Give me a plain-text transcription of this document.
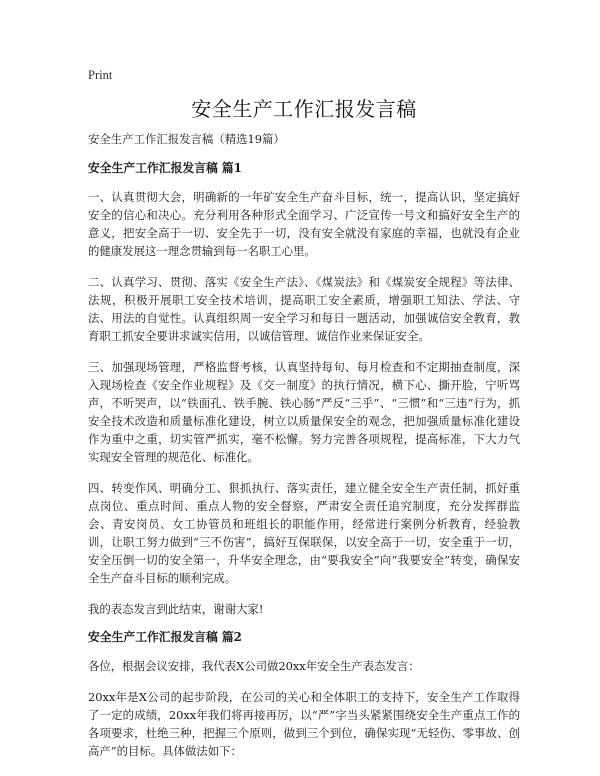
Print
安全生产工作汇报发言稿

安全生产工作汇报发言稿（精选19篇）

安全生产工作汇报发言稿 篇1

一、认真贯彻大会，明确新的一年矿安全生产奋斗目标，统一，提高认识，坚定搞好安全的信心和决心。充分利用各种形式全面学习、广泛宣传一号文和搞好安全生产的意义，把安全高于一切、安全先于一切，没有安全就没有家庭的幸福，也就没有企业的健康发展这一理念贯输到每一名职工心里。

二、认真学习、贯彻、落实《安全生产法》、《煤炭法》和《煤炭安全规程》等法律、法规，积极开展职工安全技术培训，提高职工安全素质，增强职工知法、学法、守法、用法的自觉性。认真组织周一安全学习和每日一题活动，加强诚信安全教育，教育职工抓安全要讲求诚实信用，以诚信管理、诚信作业来保证安全。

三、加强现场管理，严格监督考核，认真坚持每旬、每月检查和不定期抽查制度，深入现场检查《安全作业规程》及《交一制度》的执行情况，横下心、撕开脸，宁听骂声，不听哭声，以“铁面孔、铁手腕、铁心肠”严反“三乎”、“三惯”和“三违”行为，抓安全技术改造和质量标准化建设，树立以质量保安全的观念，把加强质量标准化建设作为重中之重，切实管严抓实，毫不松懈。努力完善各项规程，提高标准，下大力气实现安全管理的规范化、标准化。

四、转变作风、明确分工、狠抓执行、落实责任，建立健全安全生产责任制，抓好重点岗位、重点时间、重点人物的安全督察，严肃安全责任追究制度，充分发挥群监会、青安岗员、女工协管员和班组长的职能作用，经常进行案例分析教育，经验教训，让职工努力做到“三不伤害”，搞好互保联保，以安全高于一切，安全重于一切，安全压倒一切的安全第一，升华安全理念，由“要我安全”向“我要安全”转变，确保安全生产奋斗目标的顺利完成。

我的表态发言到此结束，谢谢大家!

安全生产工作汇报发言稿 篇2

各位，根据会议安排，我代表X公司做20xx年安全生产表态发言：

20xx年是X公司的起步阶段，在公司的关心和全体职工的支持下，安全生产工作取得了一定的成绩，20xx年我们将再接再厉，以“严”字当头紧紧围绕安全生产重点工作的各项要求，杜绝三种，把握三个原则，做到三个到位，确保实现“无轻伤、零事故、创高产”的目标。具体做法如下：
